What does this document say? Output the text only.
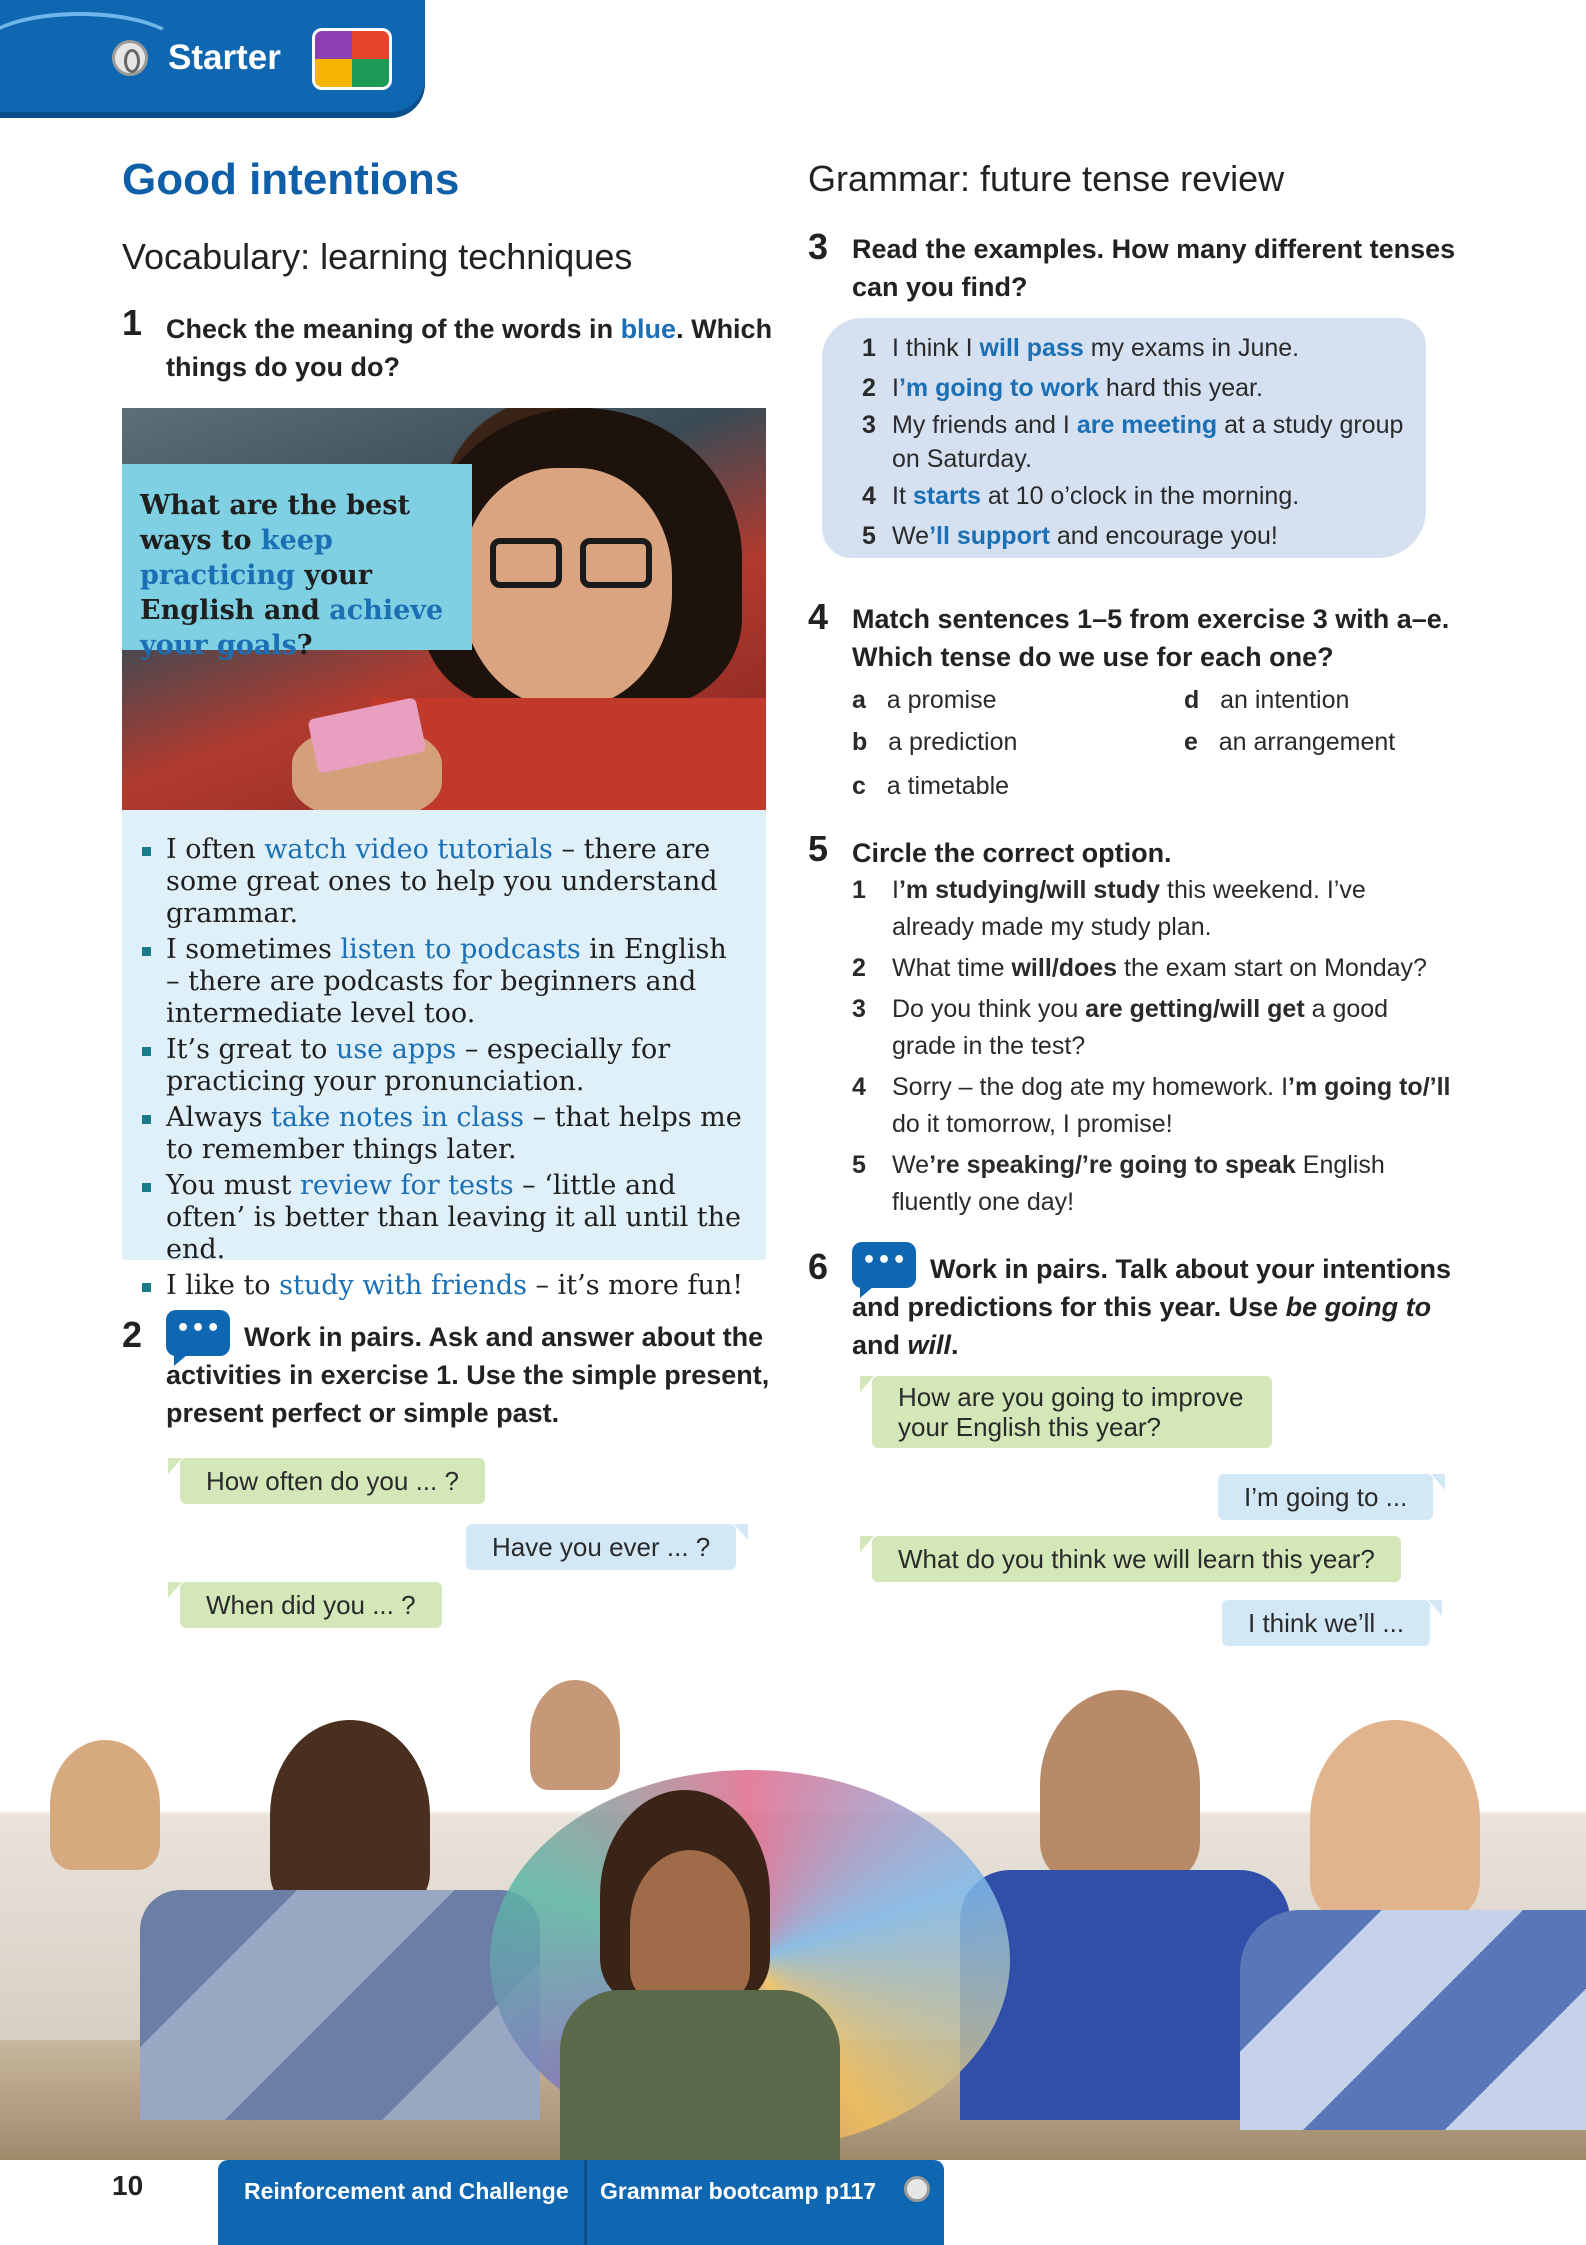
Starter
Good intentions
Vocabulary: learning techniques
1 Check the meaning of the words in blue. Which things do you do?
What are the best ways to keep practicing your English and achieve your goals?
I often watch video tutorials – there are some great ones to help you understand grammar.
I sometimes listen to podcasts in English – there are podcasts for beginners and intermediate level too.
It’s great to use apps – especially for practicing your pronunciation.
Always take notes in class – that helps me to remember things later.
You must review for tests – ‘little and often’ is better than leaving it all until the end.
I like to study with friends – it’s more fun!
2 •••	Work in pairs. Ask and answer about the activities in exercise 1. Use the simple present, present perfect or simple past.
How often do you ... ?
Have you ever ... ?
When did you ... ?
Grammar: future tense review
3 Read the examples. How many different tenses can you find?
1 I think I will pass my exams in June.
2 I’m going to work hard this year.
3 My friends and I are meeting at a study group
on Saturday.
4 It starts at 10 o’clock in the morning.
5 We’ll support and encourage you!
4 Match sentences 1–5 from exercise 3 with a–e. Which tense do we use for each one?
a a promise
b a prediction
c a timetable
d an intention
e an arrangement
5 Circle the correct option.
1 I’m studying/will study this weekend. I’ve already made my study plan.
2 What time will/does the exam start on Monday?
3 Do you think you are getting/will get a good grade in the test?
4 Sorry – the dog ate my homework. I’m going to/’ll do it tomorrow, I promise!
5 We’re speaking/’re going to speak English fluently one day!
6 •••	Work in pairs. Talk about your intentions and predictions for this year. Use be going to and will.
How are you going to improve your English this year?
I’m going to ...
What do you think we will learn this year?
I think we’ll ...
10	Reinforcement and Challenge Grammar bootcamp p117
